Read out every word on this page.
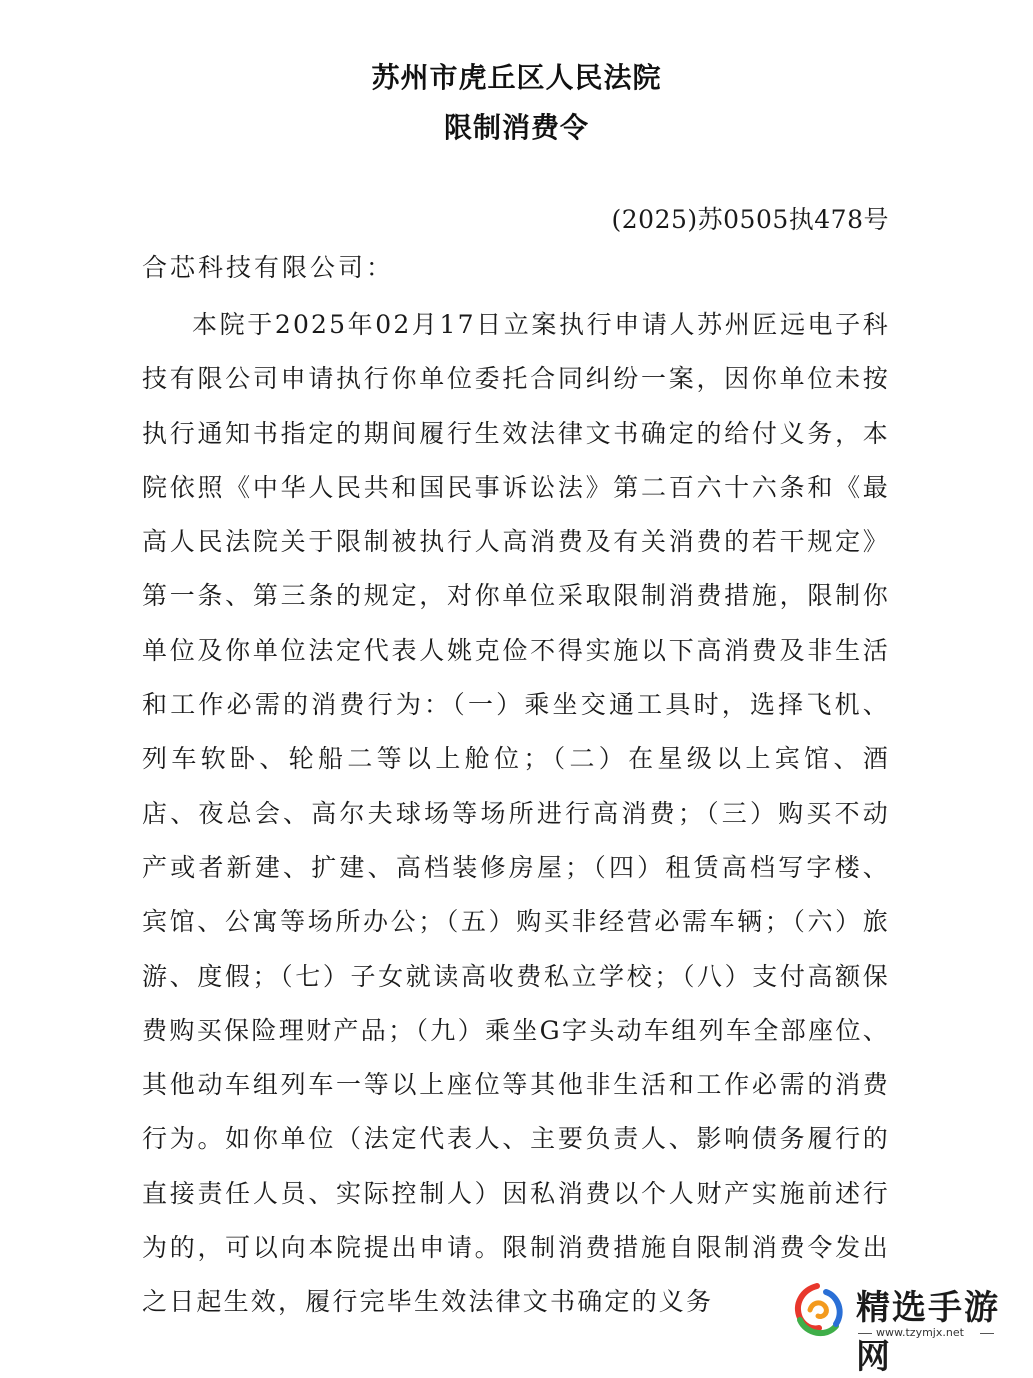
苏州市虎丘区人民法院
限制消费令
(2025)苏0505执478号
合芯科技有限公司：

本院于2025年02月17日立案执行申请人苏州匠远电子科技有限公司申请执行你单位委托合同纠纷一案，因你单位未按执行通知书指定的期间履行生效法律文书确定的给付义务，本院依照《中华人民共和国民事诉讼法》第二百六十六条和《最高人民法院关于限制被执行人高消费及有关消费的若干规定》第一条、第三条的规定，对你单位采取限制消费措施，限制你单位及你单位法定代表人姚克俭不得实施以下高消费及非生活和工作必需的消费行为：（一）乘坐交通工具时，选择飞机、列车软卧、轮船二等以上舱位；（二）在星级以上宾馆、酒店、夜总会、高尔夫球场等场所进行高消费；（三）购买不动产或者新建、扩建、高档装修房屋；（四）租赁高档写字楼、宾馆、公寓等场所办公；（五）购买非经营必需车辆；（六）旅游、度假；（七）子女就读高收费私立学校；（八）支付高额保费购买保险理财产品；（九）乘坐G字头动车组列车全部座位、其他动车组列车一等以上座位等其他非生活和工作必需的消费行为。如你单位（法定代表人、主要负责人、影响债务履行的直接责任人员、实际控制人）因私消费以个人财产实施前述行为的，可以向本院提出申请。限制消费措施自限制消费令发出之日起生效，履行完毕生效法律文书确定的义务	精选手游网
www.tzymjx.net
